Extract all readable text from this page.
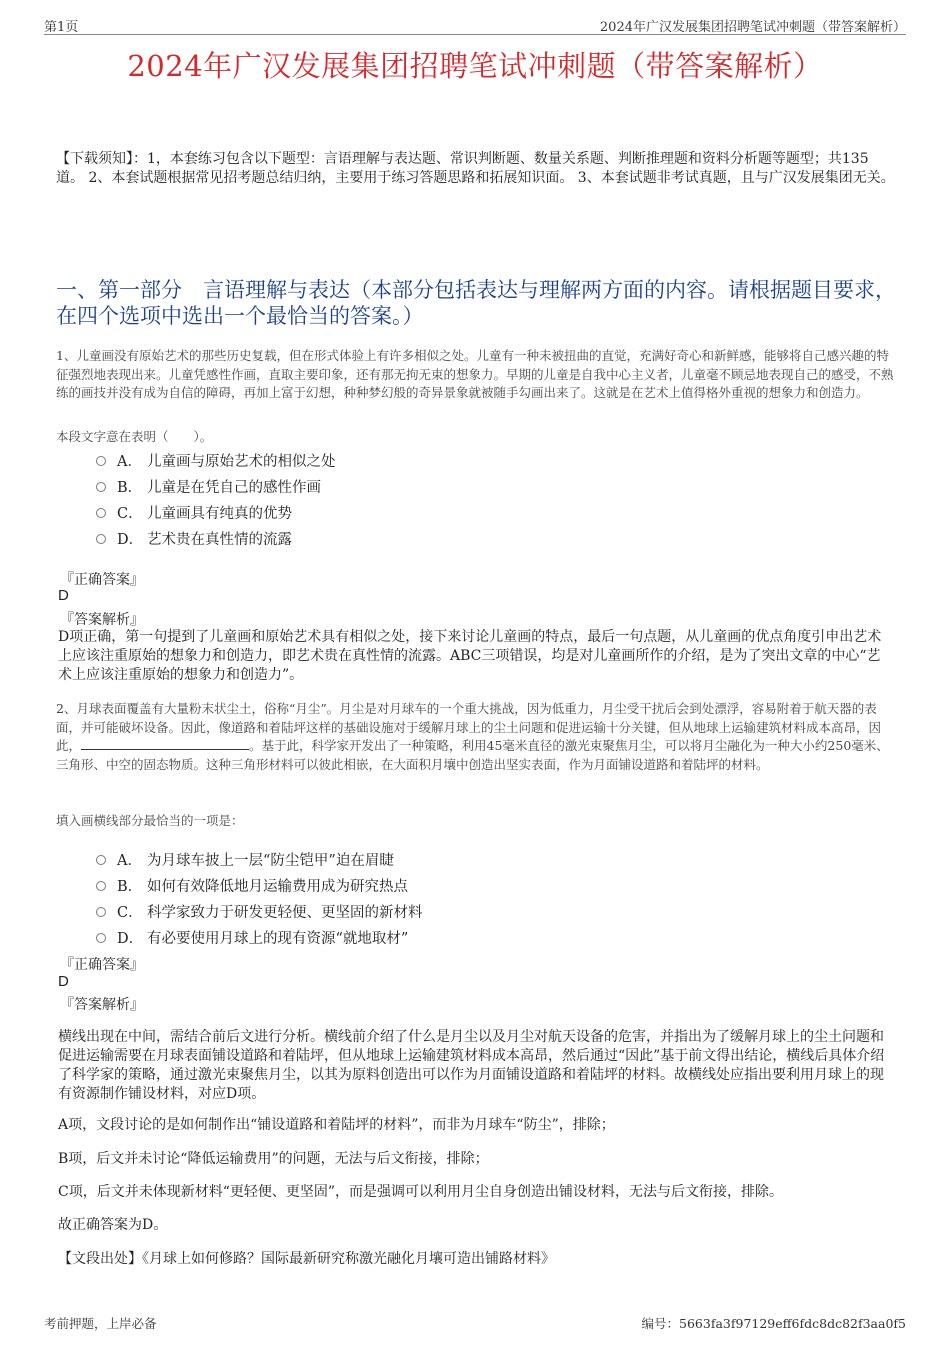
第1页	2024年广汉发展集团招聘笔试冲刺题（带答案解析）
2024年广汉发展集团招聘笔试冲刺题（带答案解析）
【下载须知】：1，本套练习包含以下题型：言语理解与表达题、常识判断题、数量关系题、判断推理题和资料分析题等题型；共135道。 2、本套试题根据常见招考题总结归纳，主要用于练习答题思路和拓展知识面。 3、本套试题非考试真题，且与广汉发展集团无关。
一、第一部分　言语理解与表达（本部分包括表达与理解两方面的内容。请根据题目要求，在四个选项中选出一个最恰当的答案。）
1、儿童画没有原始艺术的那些历史复载，但在形式体验上有许多相似之处。儿童有一种未被扭曲的直觉，充满好奇心和新鲜感，能够将自己感兴趣的特征强烈地表现出来。儿童凭感性作画，直取主要印象，还有那无拘无束的想象力。早期的儿童是自我中心主义者，儿童毫不顾忌地表现自己的感受，不熟练的画技并没有成为自信的障碍，再加上富于幻想，种种梦幻般的奇异景象就被随手勾画出来了。这就是在艺术上值得格外重视的想象力和创造力。
本段文字意在表明（　　）。
A． 儿童画与原始艺术的相似之处
B． 儿童是在凭自己的感性作画
C． 儿童画具有纯真的优势
D． 艺术贵在真性情的流露
『正确答案』
D
『答案解析』
D项正确，第一句提到了儿童画和原始艺术具有相似之处，接下来讨论儿童画的特点，最后一句点题，从儿童画的优点角度引申出艺术上应该注重原始的想象力和创造力，即艺术贵在真性情的流露。ABC三项错误，均是对儿童画所作的介绍，是为了突出文章的中心“艺术上应该注重原始的想象力和创造力”。
2、月球表面覆盖有大量粉末状尘土，俗称“月尘”。月尘是对月球车的一个重大挑战，因为低重力，月尘受干扰后会到处漂浮，容易附着于航天器的表面，并可能破坏设备。因此，像道路和着陆坪这样的基础设施对于缓解月球上的尘土问题和促进运输十分关键，但从地球上运输建筑材料成本高昂，因此，	。基于此，科学家开发出了一种策略，利用45毫米直径的激光束聚焦月尘，可以将月尘融化为一种大小约250毫米、三角形、中空的固态物质。这种三角形材料可以彼此相嵌，在大面积月壤中创造出坚实表面，作为月面铺设道路和着陆坪的材料。
填入画横线部分最恰当的一项是：
A． 为月球车披上一层“防尘铠甲”迫在眉睫
B． 如何有效降低地月运输费用成为研究热点
C． 科学家致力于研发更轻便、更坚固的新材料
D． 有必要使用月球上的现有资源“就地取材”
『正确答案』
D
『答案解析』
横线出现在中间，需结合前后文进行分析。横线前介绍了什么是月尘以及月尘对航天设备的危害，并指出为了缓解月球上的尘土问题和促进运输需要在月球表面铺设道路和着陆坪，但从地球上运输建筑材料成本高昂，然后通过“因此”基于前文得出结论，横线后具体介绍了科学家的策略，通过激光束聚焦月尘，以其为原料创造出可以作为月面铺设道路和着陆坪的材料。故横线处应指出要利用月球上的现有资源制作铺设材料，对应D项。
A项，文段讨论的是如何制作出“铺设道路和着陆坪的材料”，而非为月球车“防尘”，排除；
B项，后文并未讨论“降低运输费用”的问题，无法与后文衔接，排除；
C项，后文并未体现新材料“更轻便、更坚固”，而是强调可以利用月尘自身创造出铺设材料，无法与后文衔接，排除。
故正确答案为D。
【文段出处】《月球上如何修路？国际最新研究称激光融化月壤可造出铺路材料》
考前押题，上岸必备	编号：5663fa3f97129eff6fdc8dc82f3aa0f5
